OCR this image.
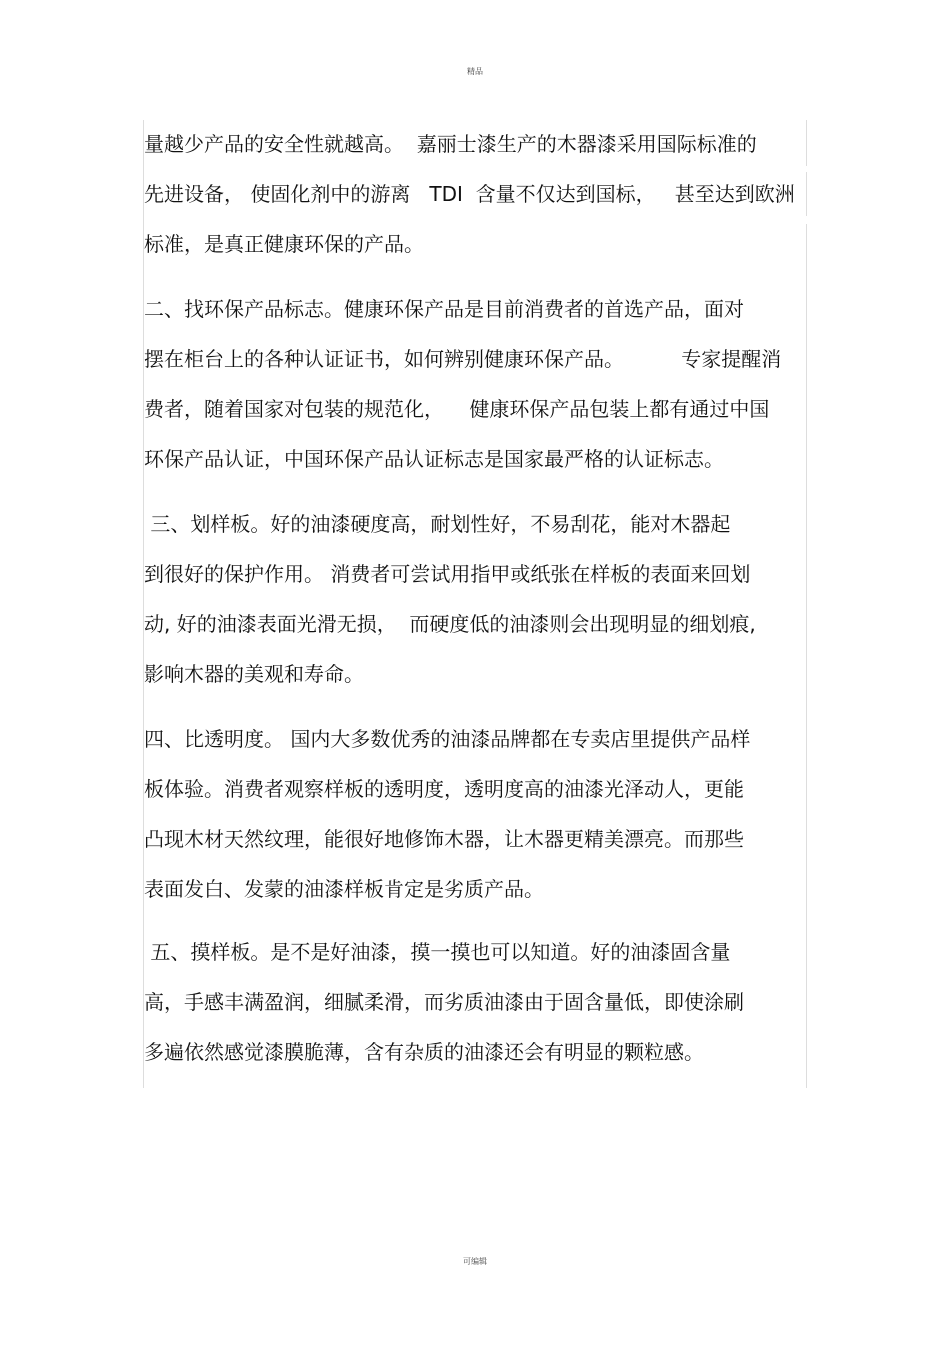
精品
量越少产品的安全性就越高。  嘉丽士漆生产的木器漆采用国际标准的
先进设备， 使固化剂中的游离   TDI  含量不仅达到国标，   甚至达到欧洲
标准，是真正健康环保的产品。
二、找环保产品标志。健康环保产品是目前消费者的首选产品，面对
摆在柜台上的各种认证证书，如何辨别健康环保产品。         专家提醒消
费者，随着国家对包装的规范化，    健康环保产品包装上都有通过中国
环保产品认证，中国环保产品认证标志是国家最严格的认证标志。
三、划样板。好的油漆硬度高，耐划性好，不易刮花，能对木器起
到很好的保护作用。 消费者可尝试用指甲或纸张在样板的表面来回划
动, 好的油漆表面光滑无损，  而硬度低的油漆则会出现明显的细划痕,
影响木器的美观和寿命。
四、比透明度。 国内大多数优秀的油漆品牌都在专卖店里提供产品样
板体验。消费者观察样板的透明度，透明度高的油漆光泽动人，更能
凸现木材天然纹理，能很好地修饰木器，让木器更精美漂亮。而那些
表面发白、发蒙的油漆样板肯定是劣质产品。
五、摸样板。是不是好油漆，摸一摸也可以知道。好的油漆固含量
高，手感丰满盈润，细腻柔滑，而劣质油漆由于固含量低，即使涂刷
多遍依然感觉漆膜脆薄，含有杂质的油漆还会有明显的颗粒感。
可编辑
